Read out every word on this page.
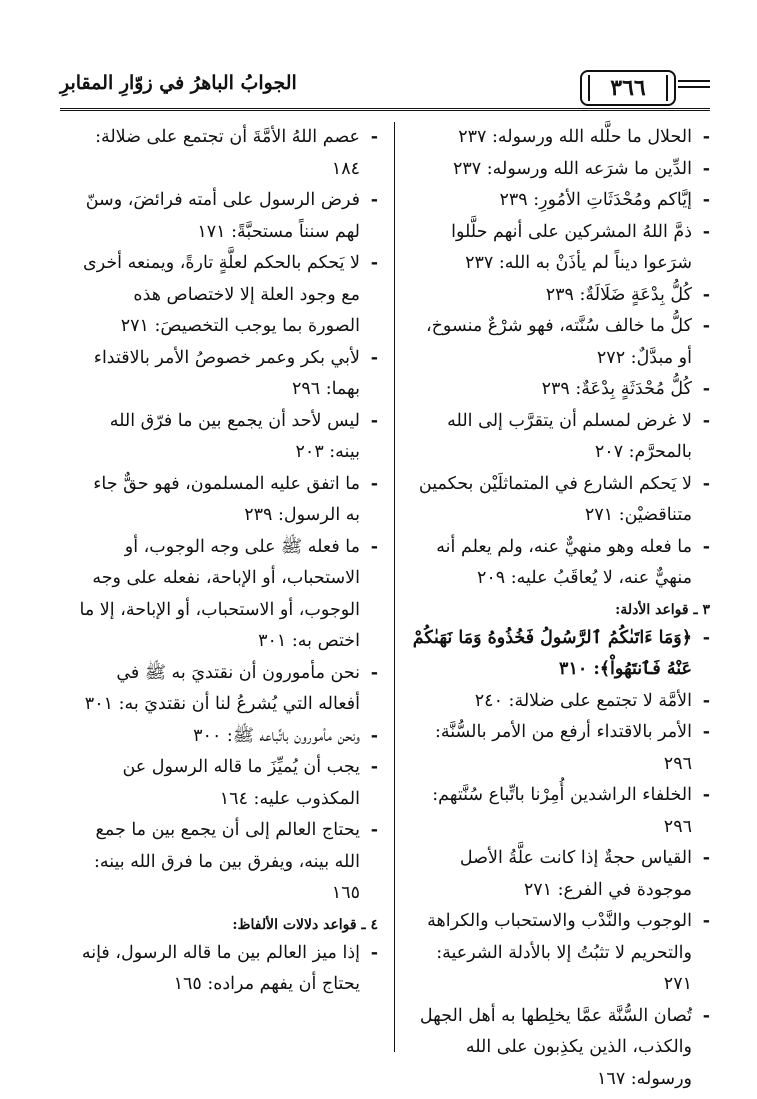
الجوابُ الباهرُ في زوّارِ المقابرِ	٣٦٦

- الحلال ما حلَّله الله ورسوله: ٢٣٧

- الدِّين ما شرَعه الله ورسوله: ٢٣٧

- إيَّاكم ومُحْدَثَاتِ الأمُورِ: ٢٣٩

- ذمَّ اللهُ المشركين على أنهم حلَّلوا شرَعوا ديناً لم يأذَنْ به الله: ٢٣٧

- كُلُّ بِدْعَةٍ ضَلَالَةٌ: ٢٣٩

- كلُّ ما خالف سُنَّته، فهو شرْعٌ منسوخ، أو مبدَّلٌ: ٢٧٢

- كُلُّ مُحْدَثَةٍ بِدْعَةٌ: ٢٣٩

- لا غرض لمسلم أن يتقرَّب إلى الله بالمحرَّم: ٢٠٧

- لا يَحكم الشارع في المتماثلَيْن بحكمين متناقضيْن: ٢٧١

- ما فعله وهو منهيٌّ عنه، ولم يعلم أنه منهيٌّ عنه، لا يُعاقَبُ عليه: ٢٠٩

٣ ـ قواعد الأدلة:

- ﴿وَمَا ءَاتَىٰكُمُ ٱلرَّسُولُ فَخُذُوهُ وَمَا نَهَىٰكُمْ عَنْهُ فَٱنتَهُواْ﴾: ٣١٠

- الأمَّة لا تجتمع على ضلالة: ٢٤٠

- الأمر بالاقتداء أرفع من الأمر بالسُّنَّة: ٢٩٦

- الخلفاء الراشدين أُمِرْنا باتِّباع سُنَّتهم: ٢٩٦

- القياس حجةٌ إذا كانت علَّةُ الأصل موجودة في الفرع: ٢٧١

- الوجوب والنَّدْب والاستحباب والكراهة والتحريم لا تثبُتُ إلا بالأدلة الشرعية: ٢٧١

- تُصان السُّنَّة عمَّا يخلِطها به أهل الجهل والكذب، الذين يكذِبون على الله ورسوله: ١٦٧

- عصم اللهُ الأمَّةَ أن تجتمع على ضلالة: ١٨٤

- فرض الرسول على أمته فرائضَ، وسنّ لهم سنناً مستحبَّةً: ١٧١

- لا يَحكم بالحكم لعلَّةٍ تارةً، ويمنعه أخرى مع وجود العلة إلا لاختصاص هذه الصورة بما يوجب التخصيصَ: ٢٧١

- لأبي بكر وعمر خصوصُ الأمر بالاقتداء بهما: ٢٩٦

- ليس لأحد أن يجمع بين ما فرّق الله بينه: ٢٠٣

- ما اتفق عليه المسلمون، فهو حقٌّ جاء به الرسول: ٢٣٩

- ما فعله ﷺ على وجه الوجوب، أو الاستحباب، أو الإباحة، نفعله على وجه الوجوب، أو الاستحباب، أو الإباحة، إلا ما اختص به: ٣٠١

- نحن مأمورون أن نقتديَ به ﷺ في أفعاله التي يُشرعُ لنا أن نقتديَ به: ٣٠١

- ونحن مأمورون باتِّباعه ﷺ: ٣٠٠

- يجب أن يُميِّزَ ما قاله الرسول عن المكذوب عليه: ١٦٤

- يحتاج العالم إلى أن يجمع بين ما جمع الله بينه، ويفرق بين ما فرق الله بينه: ١٦٥

٤ ـ قواعد دلالات الألفاظ:

- إذا ميز العالم بين ما قاله الرسول، فإنه يحتاج أن يفهم مراده: ١٦٥
